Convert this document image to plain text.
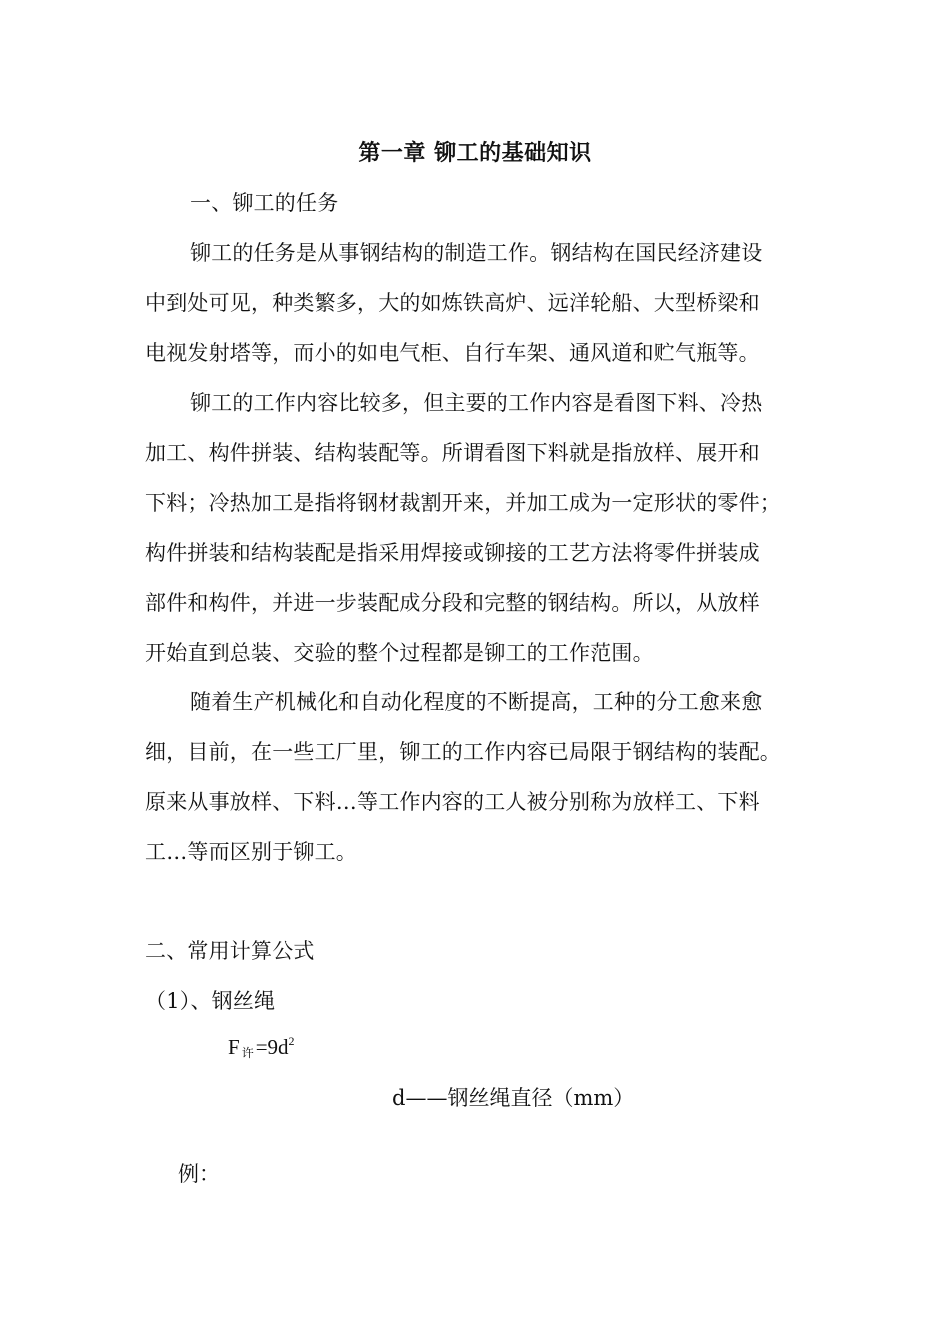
第一章 铆工的基础知识
一、铆工的任务
铆工的任务是从事钢结构的制造工作。钢结构在国民经济建设
中到处可见，种类繁多，大的如炼铁高炉、远洋轮船、大型桥梁和
电视发射塔等，而小的如电气柜、自行车架、通风道和贮气瓶等。
铆工的工作内容比较多，但主要的工作内容是看图下料、冷热
加工、构件拼装、结构装配等。所谓看图下料就是指放样、展开和
下料；冷热加工是指将钢材裁割开来，并加工成为一定形状的零件；
构件拼装和结构装配是指采用焊接或铆接的工艺方法将零件拼装成
部件和构件，并进一步装配成分段和完整的钢结构。所以，从放样
开始直到总装、交验的整个过程都是铆工的工作范围。
随着生产机械化和自动化程度的不断提高，工种的分工愈来愈
细，目前，在一些工厂里，铆工的工作内容已局限于钢结构的装配。
原来从事放样、下料…等工作内容的工人被分别称为放样工、下料
工…等而区别于铆工。
二、常用计算公式
（1）、钢丝绳
F许$=9d^2$
d——钢丝绳直径（mm）
例：
